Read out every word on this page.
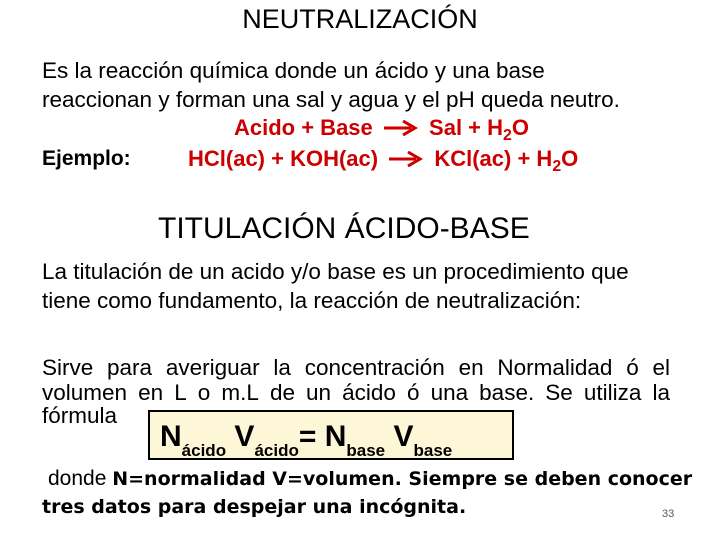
NEUTRALIZACIÓN
Es la reacción química donde un ácido y una base
reaccionan y forman una sal y agua y el pH queda neutro.
Acido + Base	Sal + $H_2O$
Ejemplo:	HCl(ac) + KOH(ac)	$KCl(ac) + H_2O$
TITULACIÓN ÁCIDO-BASE
La titulación de un acido y/o base es un procedimiento que
tiene como fundamento, la reacción de neutralización:
Sirve para averiguar la concentración en Normalidad ó el
volumen en L o m.L de un ácido ó una base. Se utiliza la
fórmula
$N_{ácido}$ $V_{ácido}= N_{base}$ $V_{base}$
donde N=normalidad V=volumen. Siempre se deben conocer
tres datos para despejar una incógnita.	33
